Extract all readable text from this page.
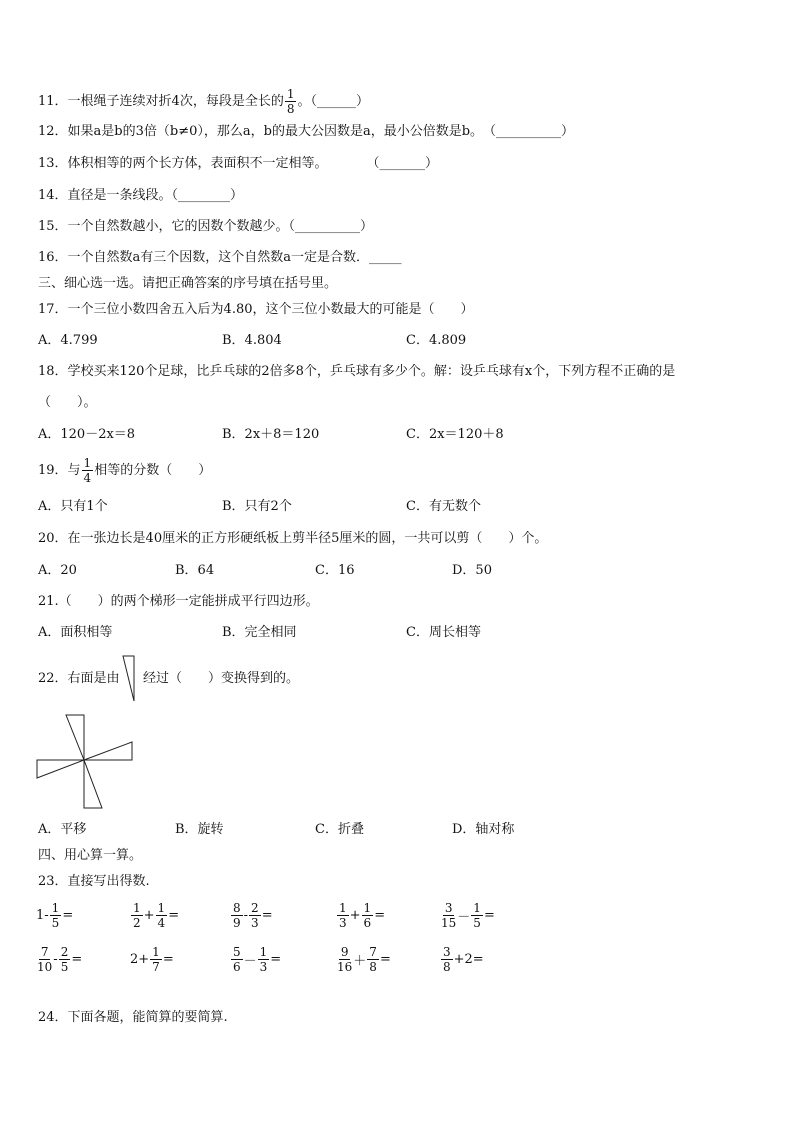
11．一根绳子连续对折4次，每段是全长的 $\frac{1}{8}$ 。（______）
12．如果a是b的3倍（b≠0），那么a，b的最大公因数是a，最小公倍数是b。　（__________）
13．体积相等的两个长方体，表面积不一定相等。　　　　（_______）
14．直径是一条线段。（________）
15．一个自然数越小，它的因数个数越少。（__________）
16．一个自然数a有三个因数，这个自然数a一定是合数．_____
三、细心选一选。请把正确答案的序号填在括号里。
17．一个三位小数四舍五入后为4.80，这个三位小数最大的可能是（　　）
A．4.799	B．4.804	C．4.809
18．学校买来120个足球，比乒乓球的2倍多8个，乒乓球有多少个。解：设乒乓球有x个，下列方程不正确的是
（　　）。
A．120－2x＝8	B．2x＋8＝120	C．2x＝120＋8
19．与 $\frac{1}{4}$ 相等的分数（　　）
A．只有1个	B．只有2个	C．有无数个
20．在一张边长是40厘米的正方形硬纸板上剪半径5厘米的圆，一共可以剪（　　）个。
A．20	B．64	C．16	D．50
21.（　　）的两个梯形一定能拼成平行四边形。
A．面积相等	B．完全相同	C．周长相等
22．右面是由 经过（　　）变换得到的。
A．平移	B．旋转	C．折叠	D．轴对称
四、用心算一算。
23．直接写出得数.
$1- \frac{1}{5}$ =	$\frac{1}{2} + \frac{1}{4}$ =	$\frac{8}{9} - \frac{2}{3}$ =	$\frac{1}{3} + \frac{1}{6}$ =	$\frac{3}{15} - \frac{1}{5}$ =
$\frac{7}{10} - \frac{2}{5}$ =	$2+ \frac{1}{7}$ =	$\frac{5}{6} - \frac{1}{3}$ =	$\frac{9}{16} + \frac{7}{8}$ =	$\frac{3}{8} +2=$
24．下面各题，能简算的要简算.
